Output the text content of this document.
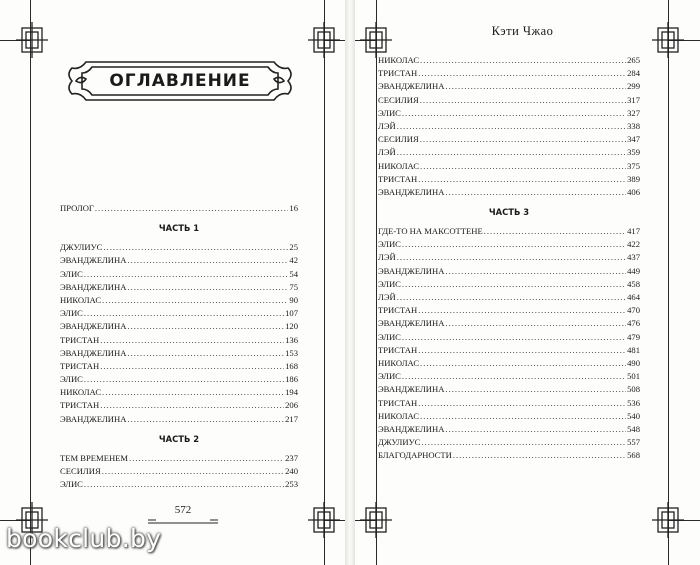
ОГЛАВЛЕНИЕ
ПРОЛОГ .....	16
ЧАСТЬ 1
ДЖУЛИУС .....	25
ЭВАНДЖЕЛИНА .....	42
ЭЛИС .....	54
ЭВАНДЖЕЛИНА .....	75
НИКОЛАС .....	90
ЭЛИС .....	107
ЭВАНДЖЕЛИНА .....	120
ТРИСТАН .....	136
ЭВАНДЖЕЛИНА .....	153
ТРИСТАН .....	168
ЭЛИС .....	186
НИКОЛАС .....	194
ТРИСТАН .....	206
ЭВАНДЖЕЛИНА .....	217
ЧАСТЬ 2
ТЕМ ВРЕМЕНЕМ .....	237
СЕСИЛИЯ .....	240
ЭЛИС .....	253
572
Кэти Чжао
НИКОЛАС .....	265
ТРИСТАН .....	284
ЭВАНДЖЕЛИНА .....	299
СЕСИЛИЯ .....	317
ЭЛИС .....	327
ЛЭЙ .....	338
СЕСИЛИЯ .....	347
ЛЭЙ .....	359
НИКОЛАС .....	375
ТРИСТАН .....	389
ЭВАНДЖЕЛИНА .....	406
ЧАСТЬ 3
ГДЕ-ТО НА МАКСОТТЕНЕ .....	417
ЭЛИС .....	422
ЛЭЙ .....	437
ЭВАНДЖЕЛИНА .....	449
ЭЛИС .....	458
ЛЭЙ .....	464
ТРИСТАН .....	470
ЭВАНДЖЕЛИНА .....	476
ЭЛИС .....	479
ТРИСТАН .....	481
НИКОЛАС .....	490
ЭЛИС .....	501
ЭВАНДЖЕЛИНА .....	508
ТРИСТАН .....	536
НИКОЛАС .....	540
ЭВАНДЖЕЛИНА .....	548
ДЖУЛИУС .....	557
БЛАГОДАРНОСТИ .....	568
bookclub.by
